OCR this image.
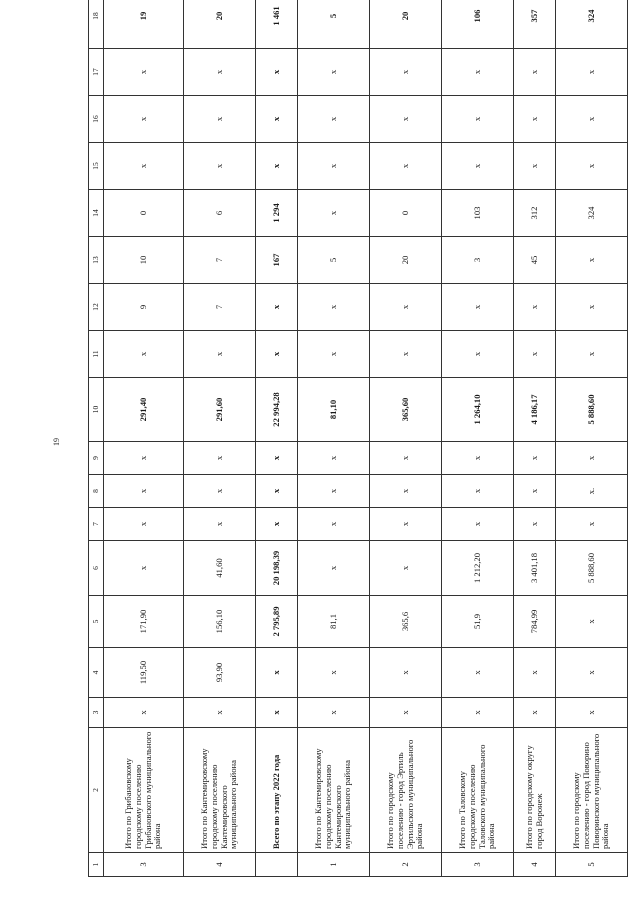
19
1	2	3	4	5	6	7	8	9	10	11	12	13	14	15	16	17	18
3	Итого по Грибановскому городскому поселению Грибановского муниципального района	x	119,50	171,90	x	x	x	x	291,40	x	9	10	0	x	x	x	19
4	Итого по Кантемировскому городскому поселению Кантемировского муниципального района	x	93,90	156,10	41,60	x	x	x	291,60	x	7	7	6	x	x	x	20
	Всего по этапу 2022 года	x	x	2 795,89	20 198,39	x	x	x	22 994,28	x	x	167	1 294	x	x	x	1 461
1	Итого по Кантемировскому городскому поселению Кантемировского муниципального района	x	x	81,1	x	x	x	x	81,10	x	x	5	x	x	x	x	5
2	Итого по городскому поселению - город Эртиль Эртильского муниципального района	x	x	365,6	x	x	x	x	365,60	x	x	20	0	x	x	x	20
3	Итого по Таловскому городскому поселению Таловского муниципального района	x	x	51,9	1 212,20	x	x	x	1 264,10	x	x	3	103	x	x	x	106
4	Итого по городскому округу город Воронеж	x	x	784,99	3 401,18	x	x	x	4 186,17	x	x	45	312	x	x	x	357
5	Итого по городскому поселению - город Поворино Поворинского муниципального района	x	x	x	5 888,60	x	x.	x	5 888,60	x	x	x	324	x	x	x	324
